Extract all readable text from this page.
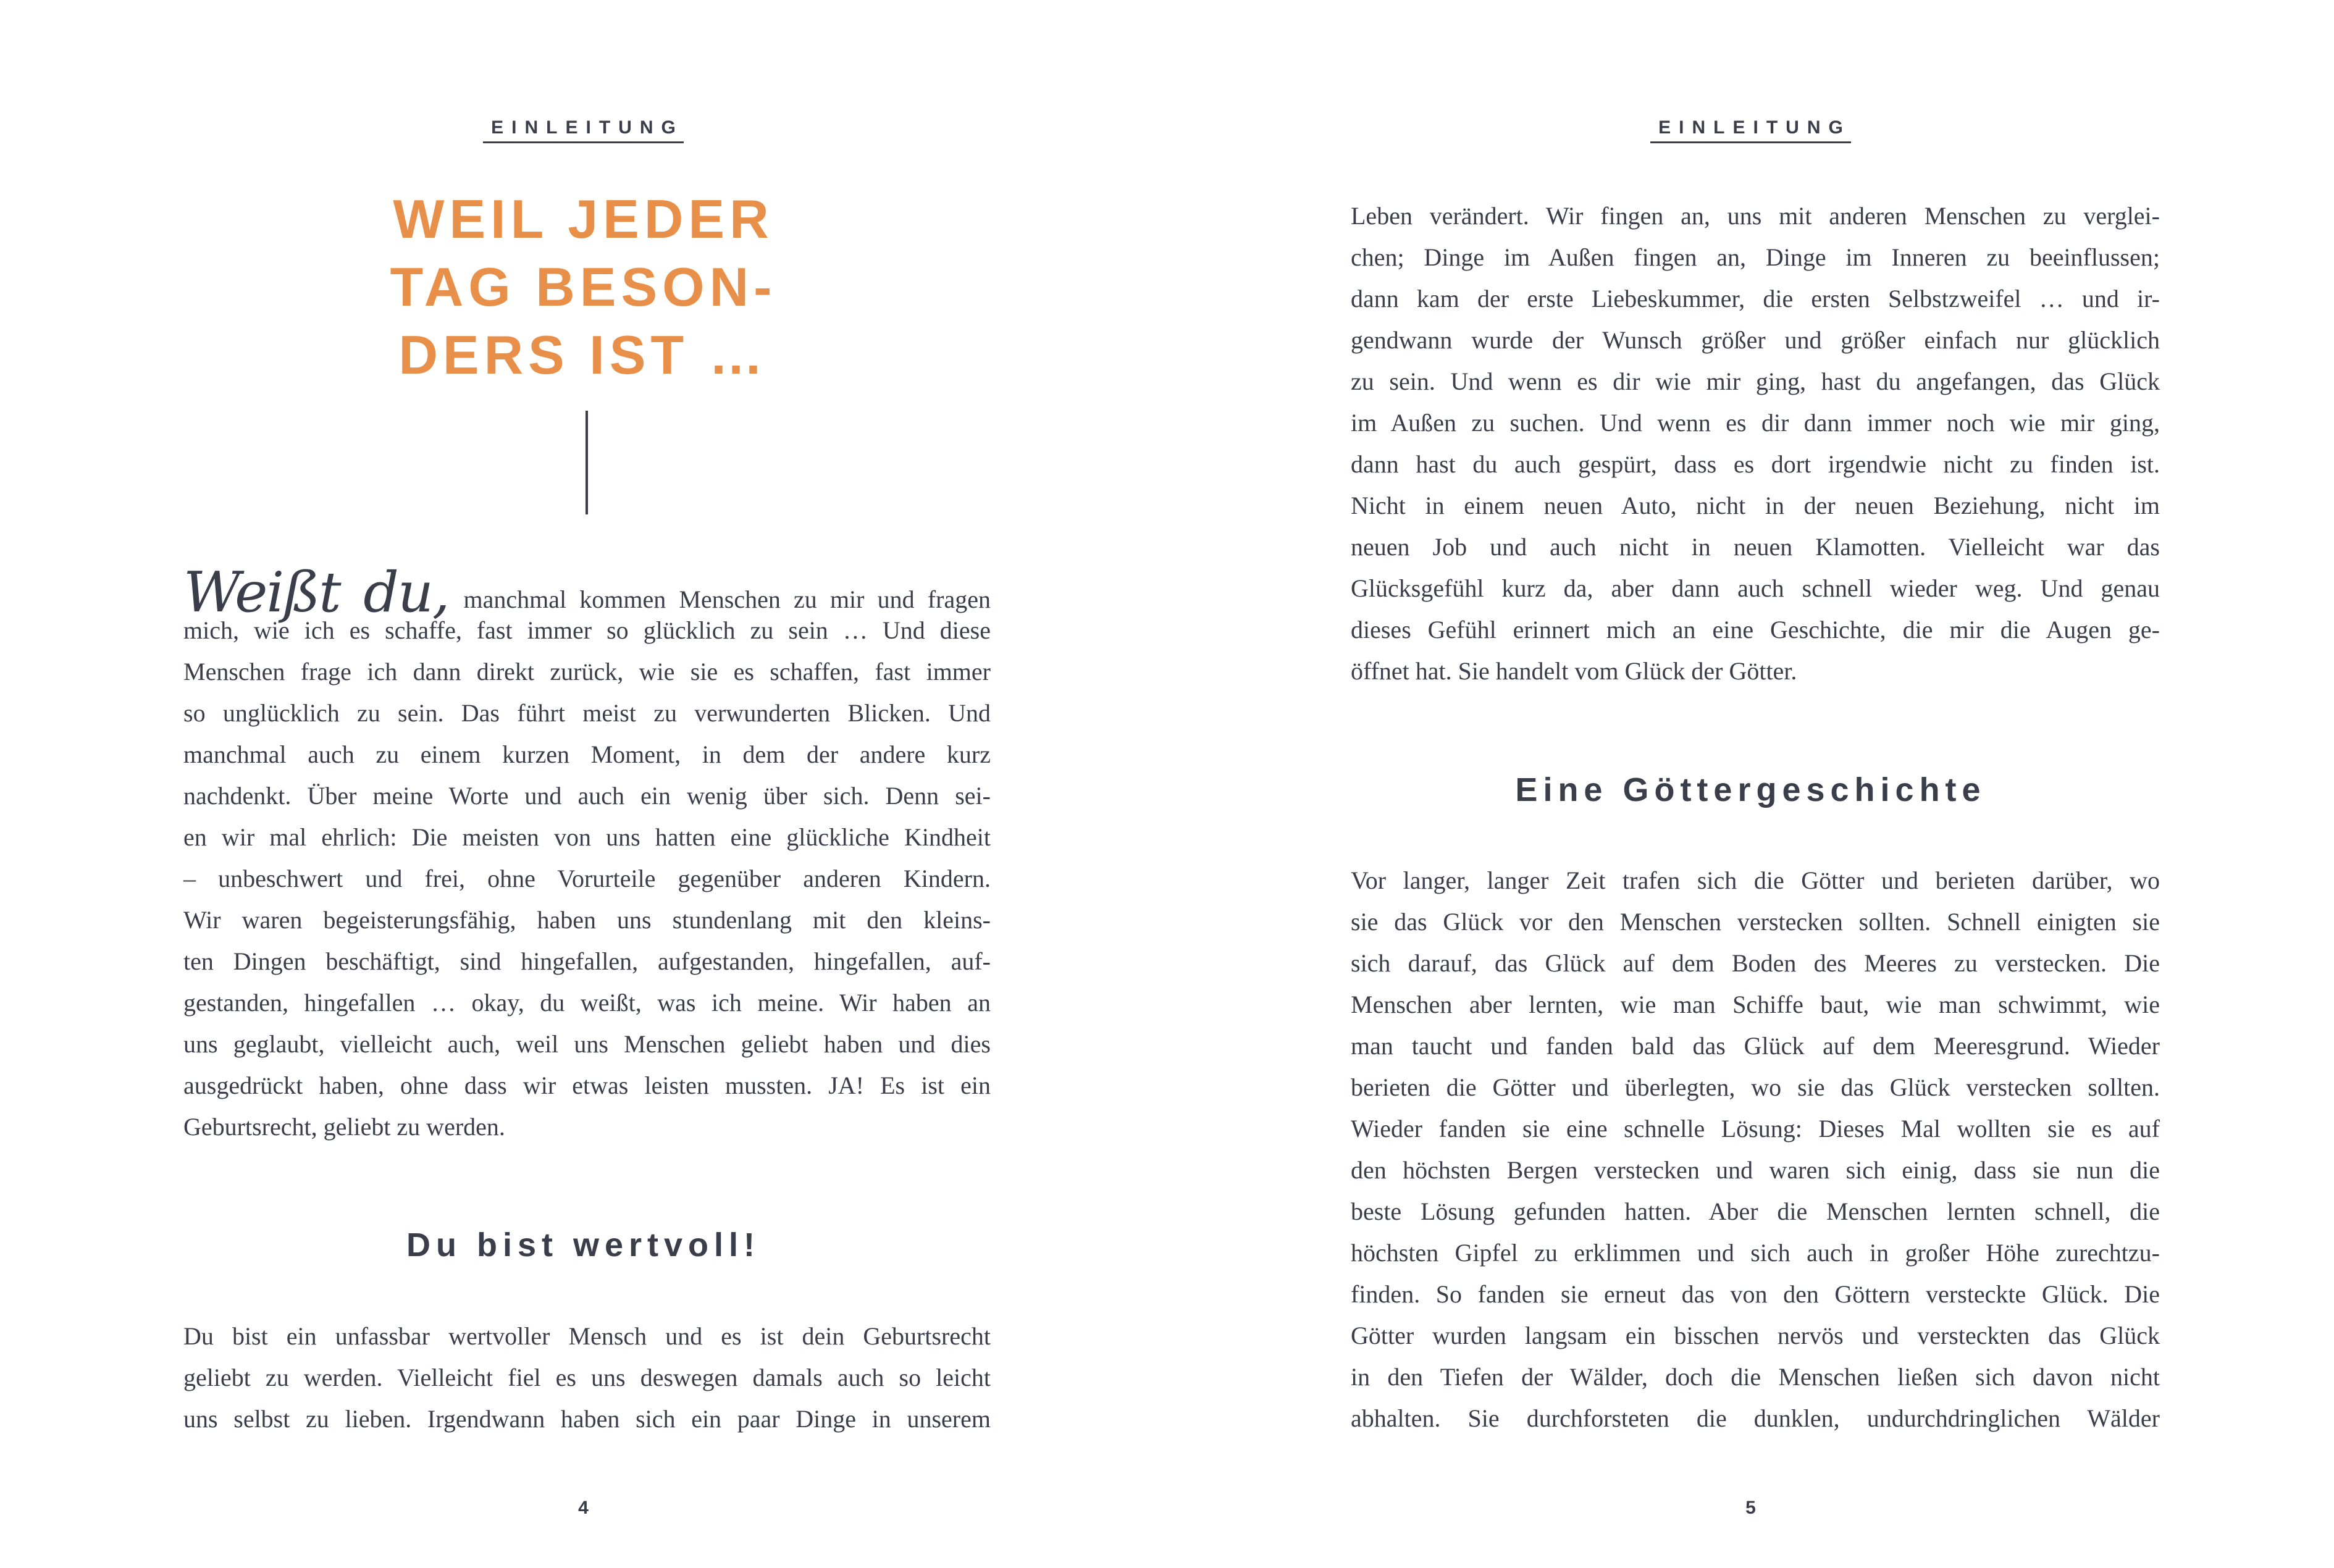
EINLEITUNG
WEIL JEDER
TAG BESON-
DERS IST …
Weißt du, manchmal kommen Menschen zu mir und fragen
mich, wie ich es schaffe, fast immer so glücklich zu sein … Und diese
Menschen frage ich dann direkt zurück, wie sie es schaffen, fast immer
so unglücklich zu sein. Das führt meist zu verwunderten Blicken. Und
manchmal auch zu einem kurzen Moment, in dem der andere kurz
nachdenkt. Über meine Worte und auch ein wenig über sich. Denn sei-
en wir mal ehrlich: Die meisten von uns hatten eine glückliche Kindheit
– unbeschwert und frei, ohne Vorurteile gegenüber anderen Kindern.
Wir waren begeisterungsfähig, haben uns stundenlang mit den kleins-
ten Dingen beschäftigt, sind hingefallen, aufgestanden, hingefallen, auf-
gestanden, hingefallen … okay, du weißt, was ich meine. Wir haben an
uns geglaubt, vielleicht auch, weil uns Menschen geliebt haben und dies
ausgedrückt haben, ohne dass wir etwas leisten mussten. JA! Es ist ein
Geburtsrecht, geliebt zu werden.
Du bist wertvoll!
Du bist ein unfassbar wertvoller Mensch und es ist dein Geburtsrecht
geliebt zu werden. Vielleicht fiel es uns deswegen damals auch so leicht
uns selbst zu lieben. Irgendwann haben sich ein paar Dinge in unserem
4
EINLEITUNG
Leben verändert. Wir fingen an, uns mit anderen Menschen zu verglei-
chen; Dinge im Außen fingen an, Dinge im Inneren zu beeinflussen;
dann kam der erste Liebeskummer, die ersten Selbstzweifel … und ir-
gendwann wurde der Wunsch größer und größer einfach nur glücklich
zu sein. Und wenn es dir wie mir ging, hast du angefangen, das Glück
im Außen zu suchen. Und wenn es dir dann immer noch wie mir ging,
dann hast du auch gespürt, dass es dort irgendwie nicht zu finden ist.
Nicht in einem neuen Auto, nicht in der neuen Beziehung, nicht im
neuen Job und auch nicht in neuen Klamotten. Vielleicht war das
Glücksgefühl kurz da, aber dann auch schnell wieder weg. Und genau
dieses Gefühl erinnert mich an eine Geschichte, die mir die Augen ge-
öffnet hat. Sie handelt vom Glück der Götter.
Eine Göttergeschichte
Vor langer, langer Zeit trafen sich die Götter und berieten darüber, wo
sie das Glück vor den Menschen verstecken sollten. Schnell einigten sie
sich darauf, das Glück auf dem Boden des Meeres zu verstecken. Die
Menschen aber lernten, wie man Schiffe baut, wie man schwimmt, wie
man taucht und fanden bald das Glück auf dem Meeresgrund. Wieder
berieten die Götter und überlegten, wo sie das Glück verstecken sollten.
Wieder fanden sie eine schnelle Lösung: Dieses Mal wollten sie es auf
den höchsten Bergen verstecken und waren sich einig, dass sie nun die
beste Lösung gefunden hatten. Aber die Menschen lernten schnell, die
höchsten Gipfel zu erklimmen und sich auch in großer Höhe zurechtzu-
finden. So fanden sie erneut das von den Göttern versteckte Glück. Die
Götter wurden langsam ein bisschen nervös und versteckten das Glück
in den Tiefen der Wälder, doch die Menschen ließen sich davon nicht
abhalten. Sie durchforsteten die dunklen, undurchdringlichen Wälder
5
